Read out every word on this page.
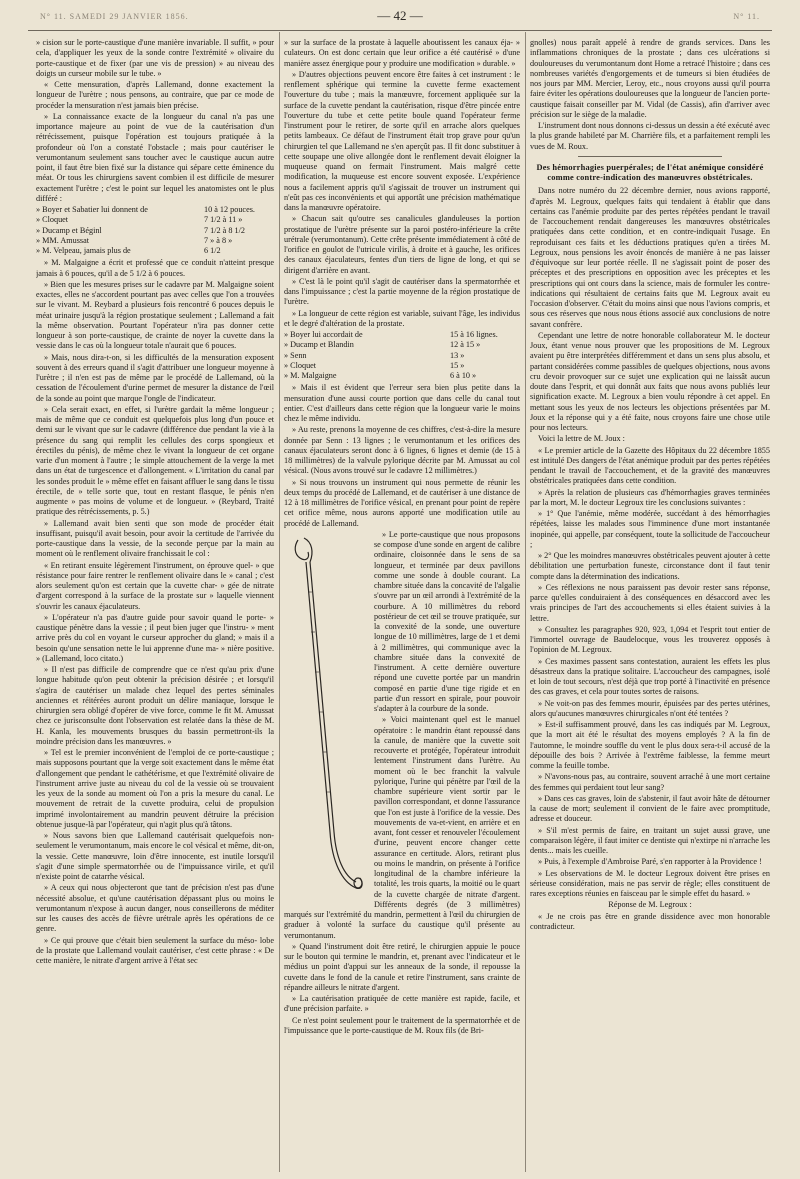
N° 11. SAMEDI 29 JANVIER 1856.	— 42 —	N° 11.

» cision sur le porte-caustique d'une manière invariable. Il suffit, » pour cela, d'appliquer les yeux de la sonde contre l'extrémité » olivaire du porte-caustique et de fixer (par une vis de pression) » au niveau des doigts un curseur mobile sur le tube. »

« Cette mensuration, d'après Lallemand, donne exactement la longueur de l'urètre ; nous pensons, au contraire, que par ce mode de procéder la mensuration n'est jamais bien précise.

» La connaissance exacte de la longueur du canal n'a pas une importance majeure au point de vue de la cautérisation d'un rétrécissement, puisque l'opération est toujours pratiquée à la profondeur où l'on a constaté l'obstacle ; mais pour cautériser le verumontanum seulement sans toucher avec le caustique aucun autre point, il faut être bien fixé sur la distance qui sépare cette éminence du méat. Or tous les chirurgiens savent combien il est difficile de mesurer exactement l'urètre ; c'est le point sur lequel les anatomistes ont le plus différé :

» Boyer et Sabatier lui donnent de	10 à 12 pouces.
» Cloquet	7 1/2 à 11 »
» Ducamp et Béginl	7 1/2 à 8 1/2
» MM. Amussat	7 » à 8 »
» M. Velpeau, jamais plus de	6 1/2

» M. Malgaigne a écrit et professé que ce conduit n'atteint presque jamais à 6 pouces, qu'il a de 5 1/2 à 6 pouces.

» Bien que les mesures prises sur le cadavre par M. Malgaigne soient exactes, elles ne s'accordent pourtant pas avec celles que l'on a trouvées sur le vivant. M. Reybard a plusieurs fois rencontré 6 pouces depuis le méat urinaire jusqu'à la région prostatique seulement ; Lallemand a fait la même observation. Pourtant l'opérateur n'ira pas donner cette longueur à son porte-caustique, de crainte de noyer la cuvette dans la vessie dans le cas où la longueur totale n'aurait que 6 pouces.

» Mais, nous dira-t-on, si les difficultés de la mensuration exposent souvent à des erreurs quand il s'agit d'attribuer une longueur moyenne à l'urètre ; il n'en est pas de même par le procédé de Lallemand, où la cessation de l'écoulement d'urine permet de mesurer la distance de l'œil de la sonde au point que marque l'ongle de l'indicateur.

» Cela serait exact, en effet, si l'urètre gardait la même longueur ; mais de même que ce conduit est quelquefois plus long d'un pouce et demi sur le vivant que sur le cadavre (différence due pendant la vie à la présence du sang qui remplit les cellules des corps spongieux et érectiles du pénis), de même chez le vivant la longueur de cet organe varie d'un moment à l'autre ; le simple attouchement de la verge la met dans un état de turgescence et d'allongement. « L'irritation du canal par les sondes produit le » même effet en faisant affluer le sang dans le tissu érectile, de » telle sorte que, tout en restant flasque, le pénis n'en augmente » pas moins de volume et de longueur. » (Reybard, Traité pratique des rétrécissements, p. 5.)

» Lallemand avait bien senti que son mode de procéder était insuffisant, puisqu'il avait besoin, pour avoir la certitude de l'arrivée du porte-caustique dans la vessie, de la seconde perçue par la main au moment où le renflement olivaire franchissait le col :

« En retirant ensuite légèrement l'instrument, on éprouve quel- » que résistance pour faire rentrer le renflement olivaire dans le » canal ; c'est alors seulement qu'on est certain que la cuvette char- » gée de nitrate d'argent correspond à la surface de la prostate sur » laquelle viennent s'ouvrir les canaux éjaculateurs.

» L'opérateur n'a pas d'autre guide pour savoir quand le porte- » caustique pénètre dans la vessie ; il peut bien juger que l'instru- » ment arrive près du col en voyant le curseur approcher du gland; » mais il a besoin qu'une sensation nette le lui apprenne d'une ma- » nière positive. » (Lallemand, loco citato.)

» Il n'est pas difficile de comprendre que ce n'est qu'au prix d'une longue habitude qu'on peut obtenir la précision désirée ; et lorsqu'il s'agira de cautériser un malade chez lequel des pertes séminales anciennes et réitérées auront produit un délire maniaque, lorsque le chirurgien sera obligé d'opérer de vive force, comme le fit M. Amussat chez ce jurisconsulte dont l'observation est relatée dans la thèse de M. H. Kanla, les mouvements brusques du bassin permettront-ils la moindre précision dans les manœuvres. »

» Tel est le premier inconvénient de l'emploi de ce porte-caustique ; mais supposons pourtant que la verge soit exactement dans le même état d'allongement que pendant le cathétérisme, et que l'extrémité olivaire de l'instrument arrive juste au niveau du col de la vessie où se trouvaient les yeux de la sonde au moment où l'on a pris la mesure du canal. Le mouvement de retrait de la cuvette produira, celui de propulsion imprimé involontairement au mandrin peuvent détruire la précision obtenue jusque-là par l'opérateur, qui n'agit plus qu'à tâtons.

» Nous savons bien que Lallemand cautérisait quelquefois non-seulement le verumontanum, mais encore le col vésical et même, dit-on, la vessie. Cette manœuvre, loin d'être innocente, est inutile lorsqu'il s'agit d'une simple spermatorrhée ou de l'impuissance virile, et qu'il n'existe point de catarrhe vésical.

» A ceux qui nous objecteront que tant de précision n'est pas d'une nécessité absolue, et qu'une cautérisation dépassant plus ou moins le verumontanum n'expose à aucun danger, nous conseillerons de méditer sur les causes des accès de fièvre urétrale après les opérations de ce genre.

» Ce qui prouve que c'était bien seulement la surface du méso- lobe de la prostate que Lallemand voulait cautériser, c'est cette phrase : « De cette manière, le nitrate d'argent arrive à l'état sec

» sur la surface de la prostate à laquelle aboutissent les canaux éja- » culateurs. On est donc certain que leur orifice a été cautérisé » d'une manière assez énergique pour y produire une modification » durable. »

» D'autres objections peuvent encore être faites à cet instrument : le renflement sphérique qui termine la cuvette ferme exactement l'ouverture du tube ; mais la manœuvre, forcement appliquée sur la surface de la cuvette pendant la cautérisation, risque d'être pincée entre l'ouverture du tube et cette petite boule quand l'opérateur ferme l'instrument pour le retirer, de sorte qu'il en arrache alors quelques petits lambeaux. Ce défaut de l'instrument était trop grave pour qu'un chirurgien tel que Lallemand ne s'en aperçût pas. Il fit donc substituer à cette soupape une olive allongée dont le renflement devait éloigner la muqueuse quand on fermait l'instrument. Mais malgré cette modification, la muqueuse est encore souvent exposée. L'expérience nous a facilement appris qu'il s'agissait de trouver un instrument qui n'eût pas ces inconvénients et qui apportât une précision mathématique dans la manœuvre opératoire.

» Chacun sait qu'outre ses canalicules glanduleuses la portion prostatique de l'urètre présente sur la paroi postéro-inférieure la crête urétrale (verumontanum). Cette crête présente immédiatement à côté de l'orifice en goulot de l'utricule virilis, à droite et à gauche, les orifices des canaux éjaculateurs, fentes d'un tiers de ligne de long, et qui se dirigent d'arrière en avant.

» C'est là le point qu'il s'agit de cautériser dans la spermatorrhée et dans l'impuissance ; c'est la partie moyenne de la région prostatique de l'urètre.

» La longueur de cette région est variable, suivant l'âge, les individus et le degré d'altération de la prostate.

» Boyer lui accordait de	15 à 16 lignes.
» Ducamp et Blandin	12 à 15 »
» Senn	13 »
» Cloquet	15 »
» M. Malgaigne	6 à 10 »

» Mais il est évident que l'erreur sera bien plus petite dans la mensuration d'une aussi courte portion que dans celle du canal tout entier. C'est d'ailleurs dans cette région que la longueur varie le moins chez le même individu.

» Au reste, prenons la moyenne de ces chiffres, c'est-à-dire la mesure donnée par Senn : 13 lignes ; le verumontanum et les orifices des canaux éjaculateurs seront donc à 6 lignes, 6 lignes et demie (de 15 à 18 millimètres) de la valvule pylorique décrite par M. Amussat au col vésical. (Nous avons trouvé sur le cadavre 12 millimètres.)

» Si nous trouvons un instrument qui nous permette de réunir les deux temps du procédé de Lallemand, et de cautériser à une distance de 12 à 18 millimètres de l'orifice vésical, en prenant pour point de repère cet orifice même, nous aurons apporté une modification utile au procédé de Lallemand.

» Le porte-caustique que nous proposons se compose d'une sonde en argent de calibre ordinaire, cloisonnée dans le sens de sa longueur, et terminée par deux pavillons comme une sonde à double courant. La chambre située dans la concavité de l'algalie s'ouvre par un œil arrondi à l'extrémité de la courbure. A 10 millimètres du rebord postérieur de cet œil se trouve pratiquée, sur la convexité de la sonde, une ouverture longue de 10 millimètres, large de 1 et demi à 2 millimètres, qui communique avec la chambre située dans la convexité de l'instrument. A cette dernière ouverture répond une cuvette portée par un mandrin composé en partie d'une tige rigide et en partie d'un ressort en spirale, pour pouvoir s'adapter à la courbure de la sonde.

» Voici maintenant quel est le manuel opératoire : le mandrin étant repoussé dans la canule, de manière que la cuvette soit recouverte et protégée, l'opérateur introduit lentement l'instrument dans l'urètre. Au moment où le bec franchit la valvule pylorique, l'urine qui pénètre par l'œil de la chambre supérieure vient sortir par le pavillon correspondant, et donne l'assurance que l'on est juste à l'orifice de la vessie. Des mouvements de va-et-vient, en arrière et en avant, font cesser et renouveler l'écoulement d'urine, peuvent encore changer cette assurance en certitude. Alors, retirant plus ou moins le mandrin, on présente à l'orifice longitudinal de la chambre inférieure la totalité, les trois quarts, la moitié ou le quart de la cuvette chargée de nitrate d'argent. Différents degrés (de 3 millimètres) marqués sur l'extrémité du mandrin, permettent à l'œil du chirurgien de graduer à volonté la surface du caustique qu'il présente au verumontanum.

» Quand l'instrument doit être retiré, le chirurgien appuie le pouce sur le bouton qui termine le mandrin, et, prenant avec l'indicateur et le médius un point d'appui sur les anneaux de la sonde, il repousse la cuvette dans le fond de la canule et retire l'instrument, sans crainte de répandre ailleurs le nitrate d'argent.

» La cautérisation pratiquée de cette manière est rapide, facile, et d'une précision parfaite. »

Ce n'est point seulement pour le traitement de la spermatorrhée et de l'impuissance que le porte-caustique de M. Roux fils (de Bri-

gnolles) nous paraît appelé à rendre de grands services. Dans les inflammations chroniques de la prostate ; dans ces ulcérations si douloureuses du verumontanum dont Home a retracé l'histoire ; dans ces nombreuses variétés d'engorgements et de tumeurs si bien étudiées de nos jours par MM. Mercier, Leroy, etc., nous croyons aussi qu'il pourra faire éviter les opérations douloureuses que la longueur de l'ancien porte-caustique faisait conseiller par M. Vidal (de Cassis), afin d'arriver avec précision sur le siège de la maladie.

L'instrument dont nous donnons ci-dessus un dessin a été exécuté avec la plus grande habileté par M. Charrière fils, et a parfaitement rempli les vues de M. Roux.

Des hémorrhagies puerpérales; de l'état anémique considéré comme contre-indication des manœuvres obstétricales.

Dans notre numéro du 22 décembre dernier, nous avions rapporté, d'après M. Legroux, quelques faits qui tendaient à établir que dans certains cas l'anémie produite par des pertes répétées pendant le travail de l'accouchement rendait dangereuses les manœuvres obstétricales pratiquées dans cette condition, et en contre-indiquait l'usage. En reproduisant ces faits et les déductions pratiques qu'en a tirées M. Legroux, nous pensions les avoir énoncés de manière à ne pas laisser d'équivoque sur leur portée réelle. Il ne s'agissait point de poser des préceptes et des prescriptions en opposition avec les préceptes et les prescriptions qui ont cours dans la science, mais de formuler les contre-indications qui résultaient de certains faits que M. Legroux avait eu l'occasion d'observer. C'était du moins ainsi que nous l'avions compris, et sous ces réserves que nous nous étions associé aux conclusions de notre savant confrère.

Cependant une lettre de notre honorable collaborateur M. le docteur Joux, étant venue nous prouver que les propositions de M. Legroux avaient pu être interprétées différemment et dans un sens plus absolu, et partant considérées comme passibles de quelques objections, nous avons cru devoir provoquer sur ce sujet une explication qui ne laissât aucun doute dans l'esprit, et qui donnât aux faits que nous avons publiés leur signification exacte. M. Legroux a bien voulu répondre à cet appel. En mettant sous les yeux de nos lecteurs les objections présentées par M. Joux et la réponse qui y a été faite, nous croyons faire une chose utile pour nos lecteurs.

Voici la lettre de M. Joux :

« Le premier article de la Gazette des Hôpitaux du 22 décembre 1855 est intitulé Des dangers de l'état anémique produit par des pertes répétées pendant le travail de l'accouchement, et de la gravité des manœuvres obstétricales pratiquées dans cette condition.

» Après la relation de plusieurs cas d'hémorrhagies graves terminées par la mort, M. le docteur Legroux tire les conclusions suivantes :

» 1° Que l'anémie, même modérée, succédant à des hémorrhagies répétées, laisse les malades sous l'imminence d'une mort instantanée inopinée, qui appelle, par conséquent, toute la sollicitude de l'accoucheur ;

» 2° Que les moindres manœuvres obstétricales peuvent ajouter à cette débilitation une perturbation funeste, circonstance dont il faut tenir compte dans la détermination des indications.

» Ces réflexions ne nous paraissent pas devoir rester sans réponse, parce qu'elles conduiraient à des conséquences en désaccord avec les vrais principes de l'art des accouchements si elles étaient suivies à la lettre.

» Consultez les paragraphes 920, 923, 1,094 et l'esprit tout entier de l'immortel ouvrage de Baudelocque, vous les trouverez opposés à l'opinion de M. Legroux.

» Ces maximes passent sans contestation, auraient les effets les plus désastreux dans la pratique solitaire. L'accoucheur des campagnes, isolé et loin de tout secours, n'est déjà que trop porté à l'inactivité en présence des cas graves, et cela pour toutes sortes de raisons.

» Ne voit-on pas des femmes mourir, épuisées par des pertes utérines, alors qu'aucunes manœuvres chirurgicales n'ont été tentées ?

» Est-il suffisamment prouvé, dans les cas indiqués par M. Legroux, que la mort ait été le résultat des moyens employés ? A la fin de l'automne, le moindre souffle du vent le plus doux sera-t-il accusé de la dépouille des bois ? Arrivée à l'extrême faiblesse, la femme meurt comme la feuille tombe.

» N'avons-nous pas, au contraire, souvent arraché à une mort certaine des femmes qui perdaient tout leur sang?

» Dans ces cas graves, loin de s'abstenir, il faut avoir hâte de détourner la cause de mort; seulement il convient de le faire avec promptitude, adresse et douceur.

» S'il m'est permis de faire, en traitant un sujet aussi grave, une comparaison légère, il faut imiter ce dentiste qui n'extirpe ni n'arrache les dents... mais les cueille.

» Puis, à l'exemple d'Ambroise Paré, s'en rapporter à la Providence !

» Les observations de M. le docteur Legroux doivent être prises en sérieuse considération, mais ne pas servir de règle; elles constituent de rares exceptions réunies en faisceau par le simple effet du hasard. »

Réponse de M. Legroux :

« Je ne crois pas être en grande dissidence avec mon honorable contradicteur.
